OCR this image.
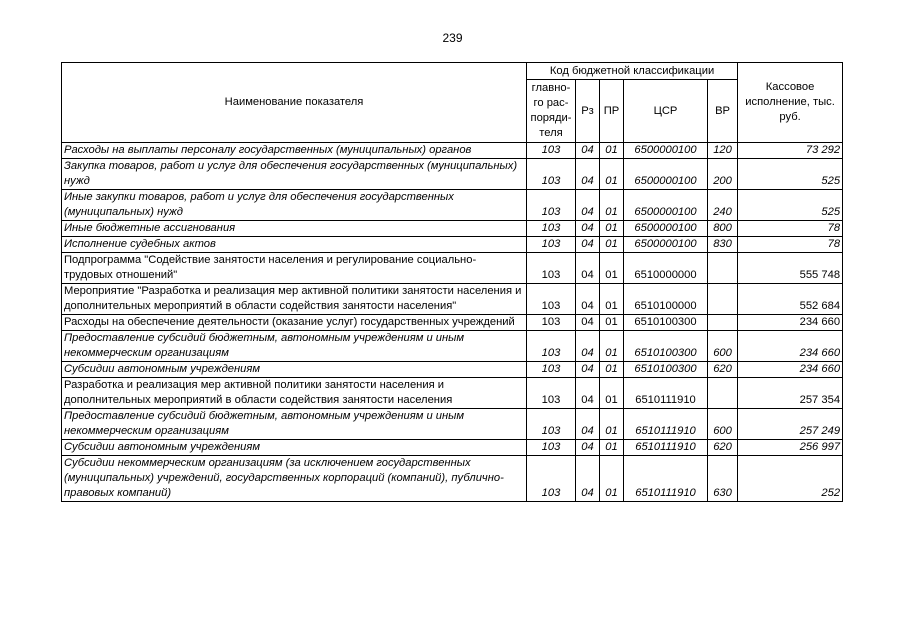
239
Наименование показателя	Код бюджетной классификации					Кассовое исполнение, тыс. руб.
	главно-го рас-поряди-теля	Рз	ПР	ЦСР	ВР	
Расходы на выплаты персоналу государственных (муниципальных) органов	103	04	01	6500000100	120	73 292
Закупка товаров, работ и услуг для обеспечения государственных (муниципальных) нужд	103	04	01	6500000100	200	525
Иные закупки товаров, работ и услуг для обеспечения государственных (муниципальных) нужд	103	04	01	6500000100	240	525
Иные бюджетные ассигнования	103	04	01	6500000100	800	78
Исполнение судебных актов	103	04	01	6500000100	830	78
Подпрограмма "Содействие занятости населения и регулирование социально-трудовых отношений"	103	04	01	6510000000		555 748
Мероприятие "Разработка и реализация мер активной политики занятости населения и дополнительных мероприятий в области содействия занятости населения"	103	04	01	6510100000		552 684
Расходы на обеспечение деятельности (оказание услуг) государственных учреждений	103	04	01	6510100300		234 660
Предоставление субсидий бюджетным, автономным учреждениям и иным некоммерческим организациям	103	04	01	6510100300	600	234 660
Субсидии автономным учреждениям	103	04	01	6510100300	620	234 660
Разработка и реализация мер активной политики занятости населения и дополнительных мероприятий в области содействия занятости населения	103	04	01	6510111910		257 354
Предоставление субсидий бюджетным, автономным учреждениям и иным некоммерческим организациям	103	04	01	6510111910	600	257 249
Субсидии автономным учреждениям	103	04	01	6510111910	620	256 997
Субсидии некоммерческим организациям (за исключением государственных (муниципальных) учреждений, государственных корпораций (компаний), публично-правовых компаний)	103	04	01	6510111910	630	252
